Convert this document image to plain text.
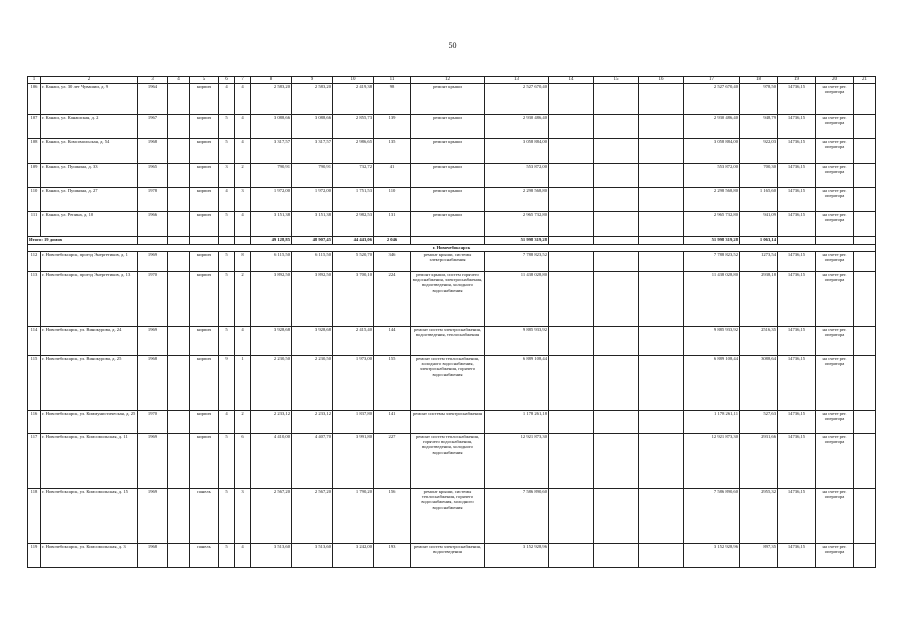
50
1	2	3	4	5	6	7	8	9	10	11	12	13	14	15	16	17	18	19	20	21
106	г. Канаш, ул. 30 лет Чувашии, д. 9	1964		кирпич	4	4	2 583,20	2 583,20	2 419,38	98	ремонт крыши	2 527 670,40				2 527 670,40	978,50	14736,15	на счете рег. оператора	
107	г. Канаш, ул. Канашская, д. 2	1967		кирпич	5	4	3 088,66	3 088,66	2 855,73	139	ремонт крыши	2 930 486,40				2 930 486,40	948,79	14736,15	на счете рег. оператора	
108	г. Канаш, ул. Комсомольская, д. 54	1968		кирпич	5	4	3 317,57	3 317,57	2 986,65	135	ремонт крыши	3 058 884,00				3 058 884,00	922,03	14736,15	на счете рег. оператора	
109	г. Канаш, ул. Пушкина, д. 33	1965		кирпич	3	2	790,91	790,91	732,72	41	ремонт крыши	553 872,00				553 872,00	700,30	14736,15	на счете рег. оператора	
110	г. Канаш, ул. Пушкина, д. 27	1978		кирпич	4	3	1 972,00	1 972,00	1 751,53	110	ремонт крыши	2 298 568,80				2 298 568,80	1 165,60	14736,15	на счете рег. оператора	
111	г. Канаш, ул. Репина, д. 10	1966		кирпич	5	4	3 151,38	3 151,38	2 982,53	131	ремонт крыши	2 965 732,80				2 965 732,80	941,09	14736,15	на счете рег. оператора	
Итого: 19 домов							49 128,85	48 907,45	44 443,06	2 046		51 998 319,28				51 998 319,28	1 063,14			
г. Новочебоксарск																				
112	г. Новочебоксарск, проезд Энергетиков, д. 1	1969		кирпич	5	8	6 115,50	6 115,50	5 520,70	346	ремонт крыши, системы электроснабжения	7 788 823,52				7 788 823,52	1273,54	14736,15	на счете рег. оператора	
113	г. Новочебоксарск, проезд Энергетиков, д. 13	1970		кирпич	5	2	3 892,50	3 892,50	3 700,10	224	ремонт крыши, систем горячего водоснабжения, электроснабжения, водоотведения, холодного водоснабжения	11 438 028,80				11 438 028,80	2938,18	14736,15	на счете рег. оператора	
114	г. Новочебоксарск, ул. Винокурова, д. 24	1969		кирпич	5	4	3 928,68	3 928,68	2 415,40	144	ремонт систем электроснабжения, водоотведения, теплоснабжения	9 885 933,92				9 885 933,92	2516,35	14736,15	на счете рег. оператора	
115	г. Новочебоксарск, ул. Винокурова, д. 25	1968		кирпич	9	1	2 230,50	2 230,50	1 973,00	155	ремонт систем теплоснабжения, холодного водоснабжения, электроснабжения, горячего водоснабжения	6 889 108,44				6 889 108,44	3088,64	14736,15	на счете рег. оператора	
116	г. Новочебоксарск, ул. Коммунистическая, д. 25	1970		кирпич	4	2	2 233,12	2 233,12	1 837,80	141	ремонт системы электроснабжения	1 178 261,18				1 178 261,11	527,63	14736,15	на счете рег. оператора	
117	г. Новочебоксарск, ул. Комсомольская, д. 11	1969		кирпич	5	6	4 410,00	4 407,70	3 991,80	227	ремонт систем теплоснабжения, горячего водоснабжения, водоотведения, холодного водоснабжения	12 921 873,30				12 921 873,30	2931,66	14736,15	на счете рег. оператора	
118	г. Новочебоксарск, ул. Комсомольская, д. 15	1969		панель	5	3	2 567,20	2 567,20	1 790,20	156	ремонт крыши, системы теплоснабжения, горячего водоснабжения, холодного водоснабжения	7 586 890,60				7 586 890,60	2955,32	14736,15	на счете рег. оператора	
119	г. Новочебоксарск, ул. Комсомольская, д. 3	1968		панель	5	4	3 513,60	3 513,60	3 242,00	193	ремонт систем электроснабжения, водоотведения	3 152 928,96				3 152 928,96	897,35	14736,15	на счете рег. оператора	
